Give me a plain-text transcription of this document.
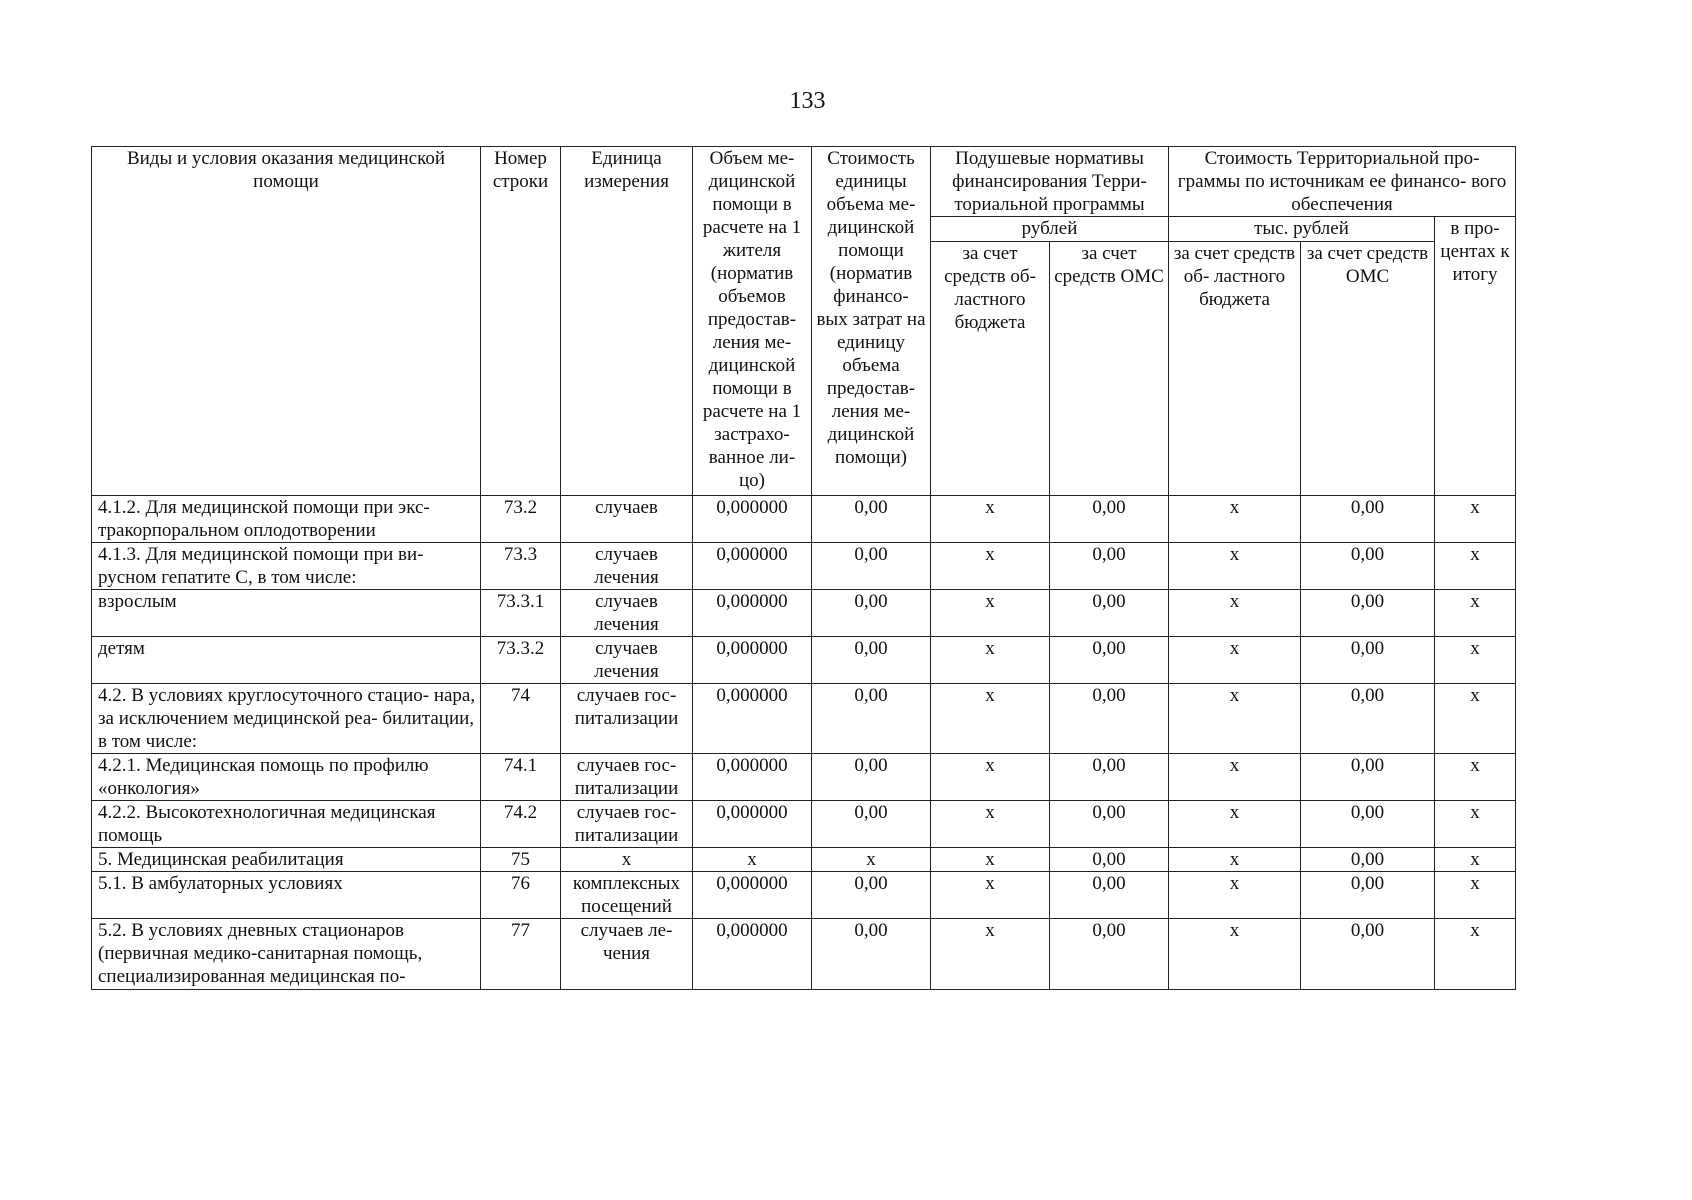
133
Виды и условия оказания медицинской помощи	Номер строки	Единица измерения	Объем ме- дицинской помощи в расчете на 1 жителя (норматив объемов предостав- ления ме- дицинской помощи в расчете на 1 застрахо- ванное ли- цо)	Стоимость единицы объема ме- дицинской помощи (норматив финансо- вых затрат на единицу объема предостав- ления ме- дицинской помощи)	Подушевые нормативы финансирования Терри- ториальной программы		Стоимость Территориальной про- граммы по источникам ее финансо- вого обеспечения		
					рублей		тыс. рублей		в про- центах к итогу
					за счет средств об- ластного бюджета	за счет средств ОМС	за счет средств об- ластного бюджета	за счет средств ОМС	
4.1.2. Для медицинской помощи при экс- тракорпоральном оплодотворении	73.2	случаев	0,000000	0,00	х	0,00	х	0,00	х
4.1.3. Для медицинской помощи при ви- русном гепатите С, в том числе:	73.3	случаев лечения	0,000000	0,00	х	0,00	х	0,00	х
взрослым	73.3.1	случаев лечения	0,000000	0,00	х	0,00	х	0,00	х
детям	73.3.2	случаев лечения	0,000000	0,00	х	0,00	х	0,00	х
4.2. В условиях круглосуточного стацио- нара, за исключением медицинской реа- билитации, в том числе:	74	случаев гос- питализации	0,000000	0,00	х	0,00	х	0,00	х
4.2.1. Медицинская помощь по профилю «онкология»	74.1	случаев гос- питализации	0,000000	0,00	х	0,00	х	0,00	х
4.2.2. Высокотехнологичная медицинская помощь	74.2	случаев гос- питализации	0,000000	0,00	х	0,00	х	0,00	х
5. Медицинская реабилитация	75	х	х	х	х	0,00	х	0,00	х
5.1. В амбулаторных условиях	76	комплексных посещений	0,000000	0,00	х	0,00	х	0,00	х
5.2. В условиях дневных стационаров (первичная медико-санитарная помощь, специализированная медицинская по-	77	случаев ле- чения	0,000000	0,00	х	0,00	х	0,00	х
